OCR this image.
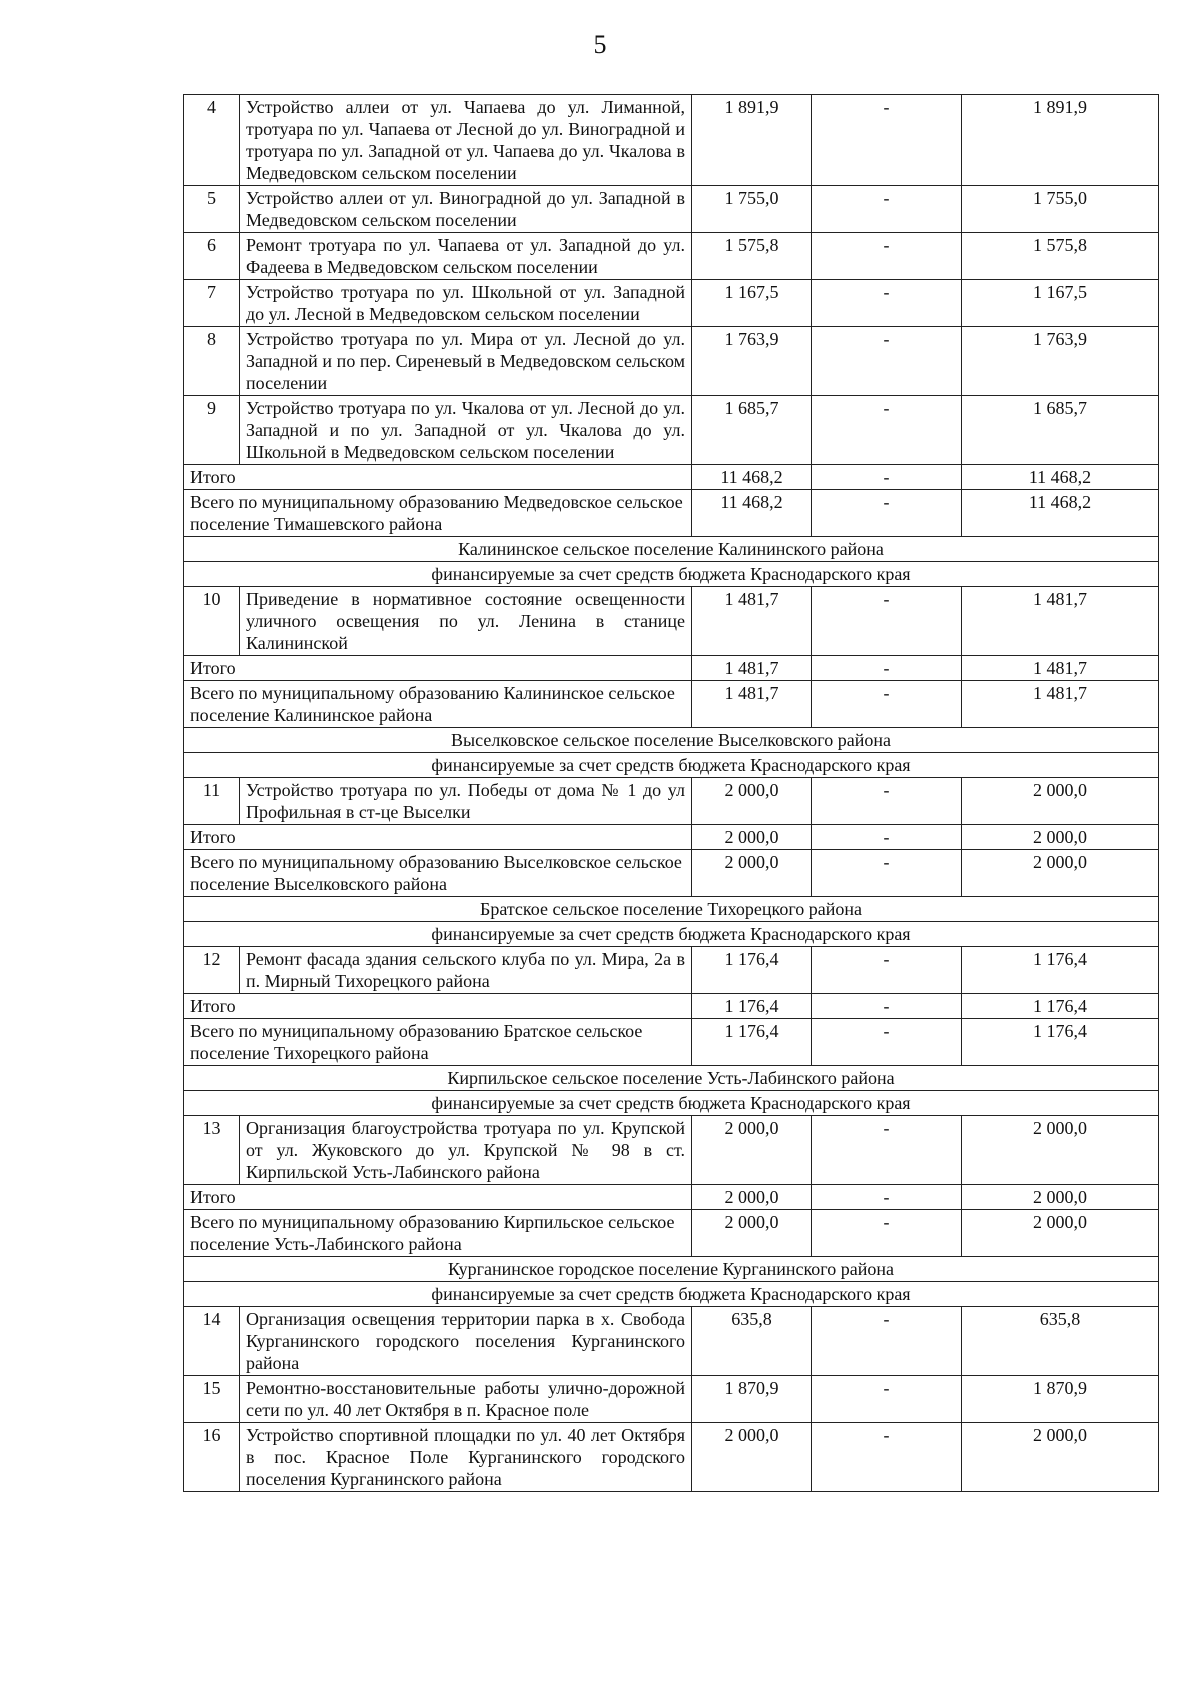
5
4	Устройство аллеи от ул. Чапаева до ул. Лиманной, тротуара по ул. Чапаева от Лесной до ул. Виноградной и тротуара по ул. Западной от ул. Чапаева до ул. Чкалова в Медведовском сельском поселении	1 891,9	-	1 891,9
5	Устройство аллеи от ул. Виноградной до ул. Западной в Медведовском сельском поселении	1 755,0	-	1 755,0
6	Ремонт тротуара по ул. Чапаева от ул. Западной до ул. Фадеева в Медведовском сельском поселении	1 575,8	-	1 575,8
7	Устройство тротуара по ул. Школьной от ул. Западной до ул. Лесной в Медведовском сельском поселении	1 167,5	-	1 167,5
8	Устройство тротуара по ул. Мира от ул. Лесной до ул. Западной и по пер. Сиреневый в Медведовском сельском поселении	1 763,9	-	1 763,9
9	Устройство тротуара по ул. Чкалова от ул. Лесной до ул. Западной и по ул. Западной от ул. Чкалова до ул. Школьной в Медведовском сельском поселении	1 685,7	-	1 685,7
Итого		11 468,2	-	11 468,2
Всего по муниципальному образованию Медведовское сельское поселение Тимашевского района		11 468,2	-	11 468,2
Калининское сельское поселение Калининского района				
финансируемые за счет средств бюджета Краснодарского края				
10	Приведение в нормативное состояние освещенности уличного освещения по ул. Ленина в станице Калининской	1 481,7	-	1 481,7
Итого		1 481,7	-	1 481,7
Всего по муниципальному образованию Калининское сельское поселение Калининское района		1 481,7	-	1 481,7
Выселковское сельское поселение Выселковского района				
финансируемые за счет средств бюджета Краснодарского края				
11	Устройство тротуара по ул. Победы от дома № 1 до ул Профильная в ст-це Выселки	2 000,0	-	2 000,0
Итого		2 000,0	-	2 000,0
Всего по муниципальному образованию Выселковское сельское поселение Выселковского района		2 000,0	-	2 000,0
Братское сельское поселение Тихорецкого района				
финансируемые за счет средств бюджета Краснодарского края				
12	Ремонт фасада здания сельского клуба по ул. Мира, 2а в п. Мирный Тихорецкого района	1 176,4	-	1 176,4
Итого		1 176,4	-	1 176,4
Всего по муниципальному образованию Братское сельское поселение Тихорецкого района		1 176,4	-	1 176,4
Кирпильское сельское поселение Усть-Лабинского района				
финансируемые за счет средств бюджета Краснодарского края				
13	Организация благоустройства тротуара по ул. Крупской от ул. Жуковского до ул. Крупской № 98 в ст. Кирпильской Усть-Лабинского района	2 000,0	-	2 000,0
Итого		2 000,0	-	2 000,0
Всего по муниципальному образованию Кирпильское сельское поселение Усть-Лабинского района		2 000,0	-	2 000,0
Курганинское городское поселение Курганинского района				
финансируемые за счет средств бюджета Краснодарского края				
14	Организация освещения территории парка в х. Свобода Курганинского городского поселения Курганинского района	635,8	-	635,8
15	Ремонтно-восстановительные работы улично-дорожной сети по ул. 40 лет Октября в п. Красное поле	1 870,9	-	1 870,9
16	Устройство спортивной площадки по ул. 40 лет Октября в пос. Красное Поле Курганинского городского поселения Курганинского района	2 000,0	-	2 000,0
